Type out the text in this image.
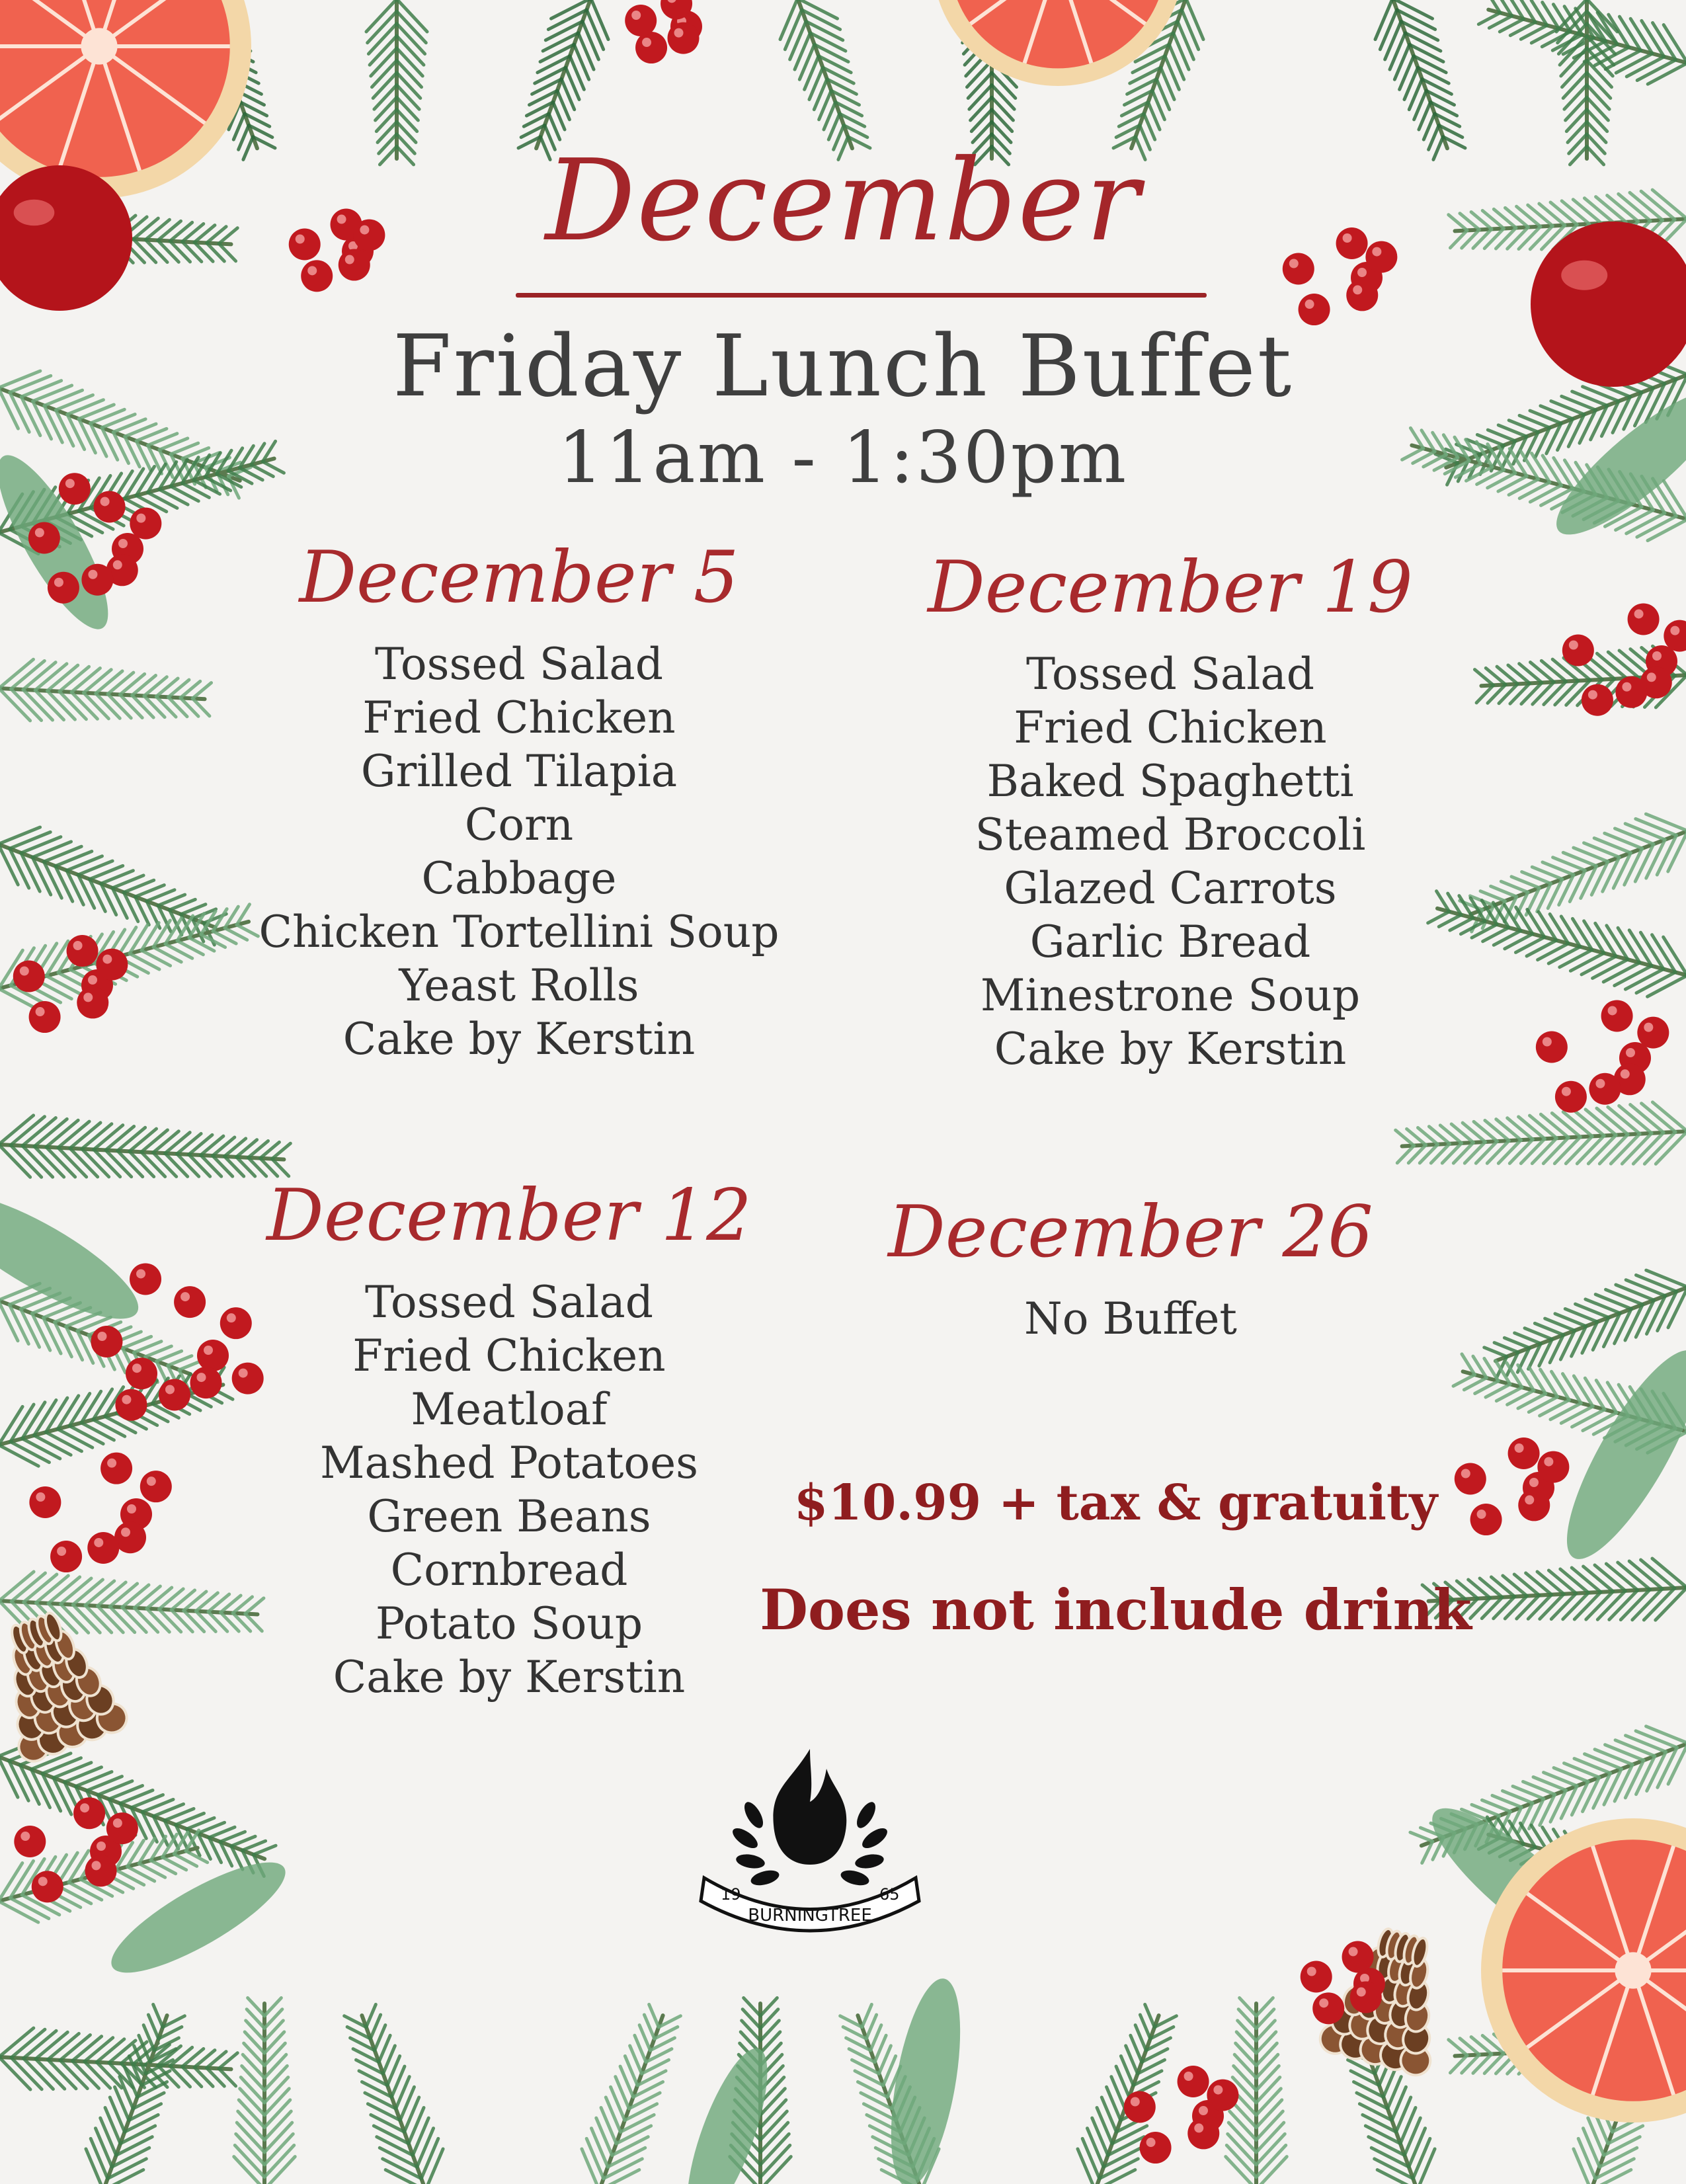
December
Friday Lunch Buffet
11am - 1:30pm
December 5
Tossed Salad
Fried Chicken
Grilled Tilapia
Corn
Cabbage
Chicken Tortellini Soup
Yeast Rolls
Cake by Kerstin
December 19
Tossed Salad
Fried Chicken
Baked Spaghetti
Steamed Broccoli
Glazed Carrots
Garlic Bread
Minestrone Soup
Cake by Kerstin
December 12
Tossed Salad
Fried Chicken
Meatloaf
Mashed Potatoes
Green Beans
Cornbread
Potato Soup
Cake by Kerstin
December 26
No Buffet
$10.99 + tax & gratuity
Does not include drink
19	65
BURNINGTREE
